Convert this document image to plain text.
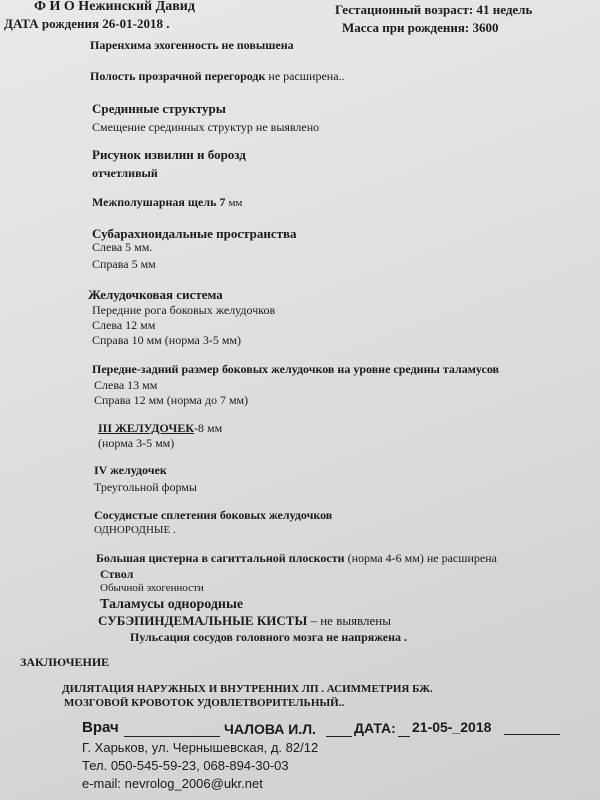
Ф И О Нежинский Давид
ДАТА рождения 26-01-2018 .
Гестационный возраст: 41 недель
Масса при рождения: 3600
Паренхима эхогенность не повышена
Полость прозрачной перегородк не расширена..
Срединные структуры
Смещение срединных структур не выявлено
Рисунок извилин и борозд
отчетливый
Межполушарная щель 7 мм
Субарахноидальные пространства
Слева 5 мм.
Справа 5 мм
Желудочковая система
Передние рога боковых желудочков
Слева 12 мм
Справа 10 мм (норма 3-5 мм)
Передне-задний размер боковых желудочков на уровне средины таламусов
Слева 13 мм
Справа 12 мм (норма до 7 мм)
III ЖЕЛУДОЧЕК-8 мм
(норма 3-5 мм)
IV желудочек
Треугольной формы
Сосудистые сплетения боковых желудочков
ОДНОРОДНЫЕ .
Большая цистерна в сагиттальной плоскости (норма 4-6 мм) не расширена
Ствол
Обычной эхогенности
Таламусы однородные
СУБЭПИНДЕМАЛЬНЫЕ КИСТЫ – не выявлены
Пульсация сосудов головного мозга не напряжена .
ЗАКЛЮЧЕНИЕ
ДИЛЯТАЦИЯ НАРУЖНЫХ И ВНУТРЕННИХ ЛП . АСИММЕТРИЯ БЖ.
МОЗГОВОЙ КРОВОТОК УДОВЛЕТВОРИТЕЛЬНЫЙ..
Врач	ЧАЛОВА И.Л.	ДАТА: 21-05-_2018
Г. Харьков, ул. Чернышевская, д. 82/12
Тел. 050-545-59-23, 068-894-30-03
e-mail: nevrolog_2006@ukr.net
